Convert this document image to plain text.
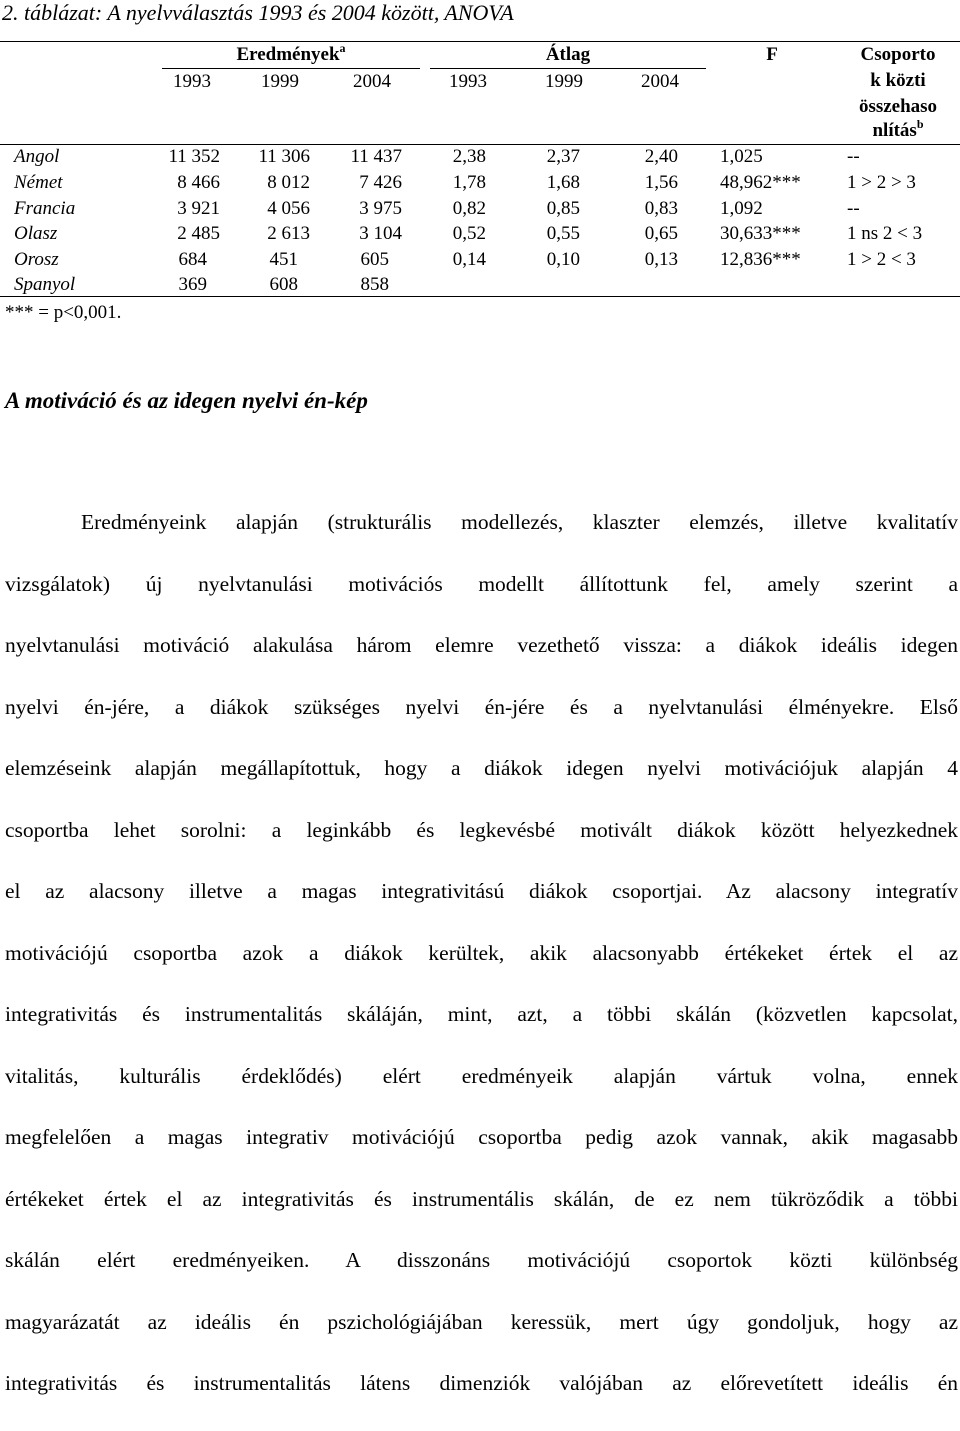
2. táblázat: A nyelvválasztás 1993 és 2004 között, ANOVA
Eredmények$^a$	Átlag	F	Csoporto
k közti
összehaso
nlítás$^b$
1993	1999	2004	1993	1999	2004
Angol	11 352	11 306	11 437	2,38	2,37	2,40 1,025	--
Német	8 466	8 012	7 426	1,78	1,68	1,56 48,962***	1 > 2 > 3
Francia	3 921	4 056	3 975	0,82	0,85	0,83 1,092	--
Olasz	2 485	2 613	3 104	0,52	0,55	0,65 30,633***	1 ns 2 < 3
Orosz	684	451	605	0,14	0,10	0,13 12,836***	1 > 2 < 3
Spanyol	369	608	858
*** = p<0,001.
A motiváció és az idegen nyelvi én-kép
Eredményeink alapján (strukturális modellezés, klaszter elemzés, illetve kvalitatív
vizsgálatok) új nyelvtanulási motivációs modellt állítottunk fel, amely szerint a
nyelvtanulási motiváció alakulása három elemre vezethető vissza: a diákok ideális idegen
nyelvi én-jére, a diákok szükséges nyelvi én-jére és a nyelvtanulási élményekre. Első
elemzéseink alapján megállapítottuk, hogy a diákok idegen nyelvi motivációjuk alapján 4
csoportba lehet sorolni: a leginkább és legkevésbé motivált diákok között helyezkednek
el az alacsony illetve a magas integrativitású diákok csoportjai. Az alacsony integratív
motivációjú csoportba azok a diákok kerültek, akik alacsonyabb értékeket értek el az
integrativitás és instrumentalitás skáláján, mint, azt, a többi skálán (közvetlen kapcsolat,
vitalitás, kulturális érdeklődés) elért eredményeik alapján vártuk volna, ennek
megfelelően a magas integrativ motivációjú csoportba pedig azok vannak, akik magasabb
értékeket értek el az integrativitás és instrumentális skálán, de ez nem tükröződik a többi
skálán elért eredményeiken. A disszonáns motivációjú csoportok közti különbség
magyarázatát az ideális én pszichológiájában keressük, mert úgy gondoljuk, hogy az
integrativitás és instrumentalitás látens dimenziók valójában az előrevetített ideális én
